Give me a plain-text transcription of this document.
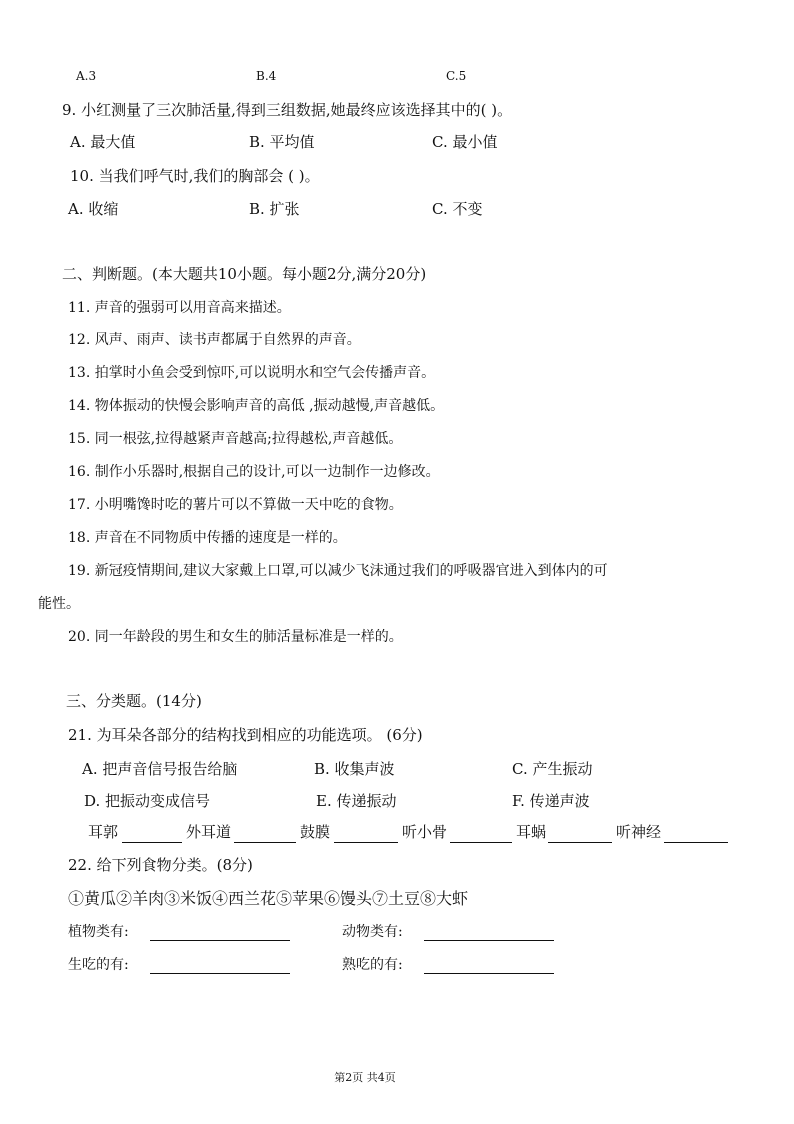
A.3	B.4	C.5
9. 小红测量了三次肺活量,得到三组数据,她最终应该选择其中的( )。
A. 最大值	B. 平均值	C. 最小值
10. 当我们呼气时,我们的胸部会 ( )。
A. 收缩	B. 扩张	C. 不变
二、判断题。(本大题共10小题。每小题2分,满分20分)
11. 声音的强弱可以用音高来描述。
12. 风声、雨声、读书声都属于自然界的声音。
13. 拍掌时小鱼会受到惊吓,可以说明水和空气会传播声音。
14. 物体振动的快慢会影响声音的高低 ,振动越慢,声音越低。
15. 同一根弦,拉得越紧声音越高;拉得越松,声音越低。
16. 制作小乐器时,根据自己的设计,可以一边制作一边修改。
17. 小明嘴馋时吃的薯片可以不算做一天中吃的食物。
18. 声音在不同物质中传播的速度是一样的。
19. 新冠疫情期间,建议大家戴上口罩,可以减少飞沫通过我们的呼吸器官进入到体内的可
能性。
20. 同一年龄段的男生和女生的肺活量标准是一样的。
三、分类题。(14分)
21. 为耳朵各部分的结构找到相应的功能选项。 (6分)
A. 把声音信号报告给脑	B. 收集声波	C. 产生振动
D. 把振动变成信号	E. 传递振动	F. 传递声波
耳郭	外耳道	鼓膜	听小骨	耳蜗	听神经
22. 给下列食物分类。(8分)
①黄瓜②羊肉③米饭④西兰花⑤苹果⑥馒头⑦土豆⑧大虾
植物类有:	动物类有:
生吃的有:	熟吃的有:
第2页 共4页
